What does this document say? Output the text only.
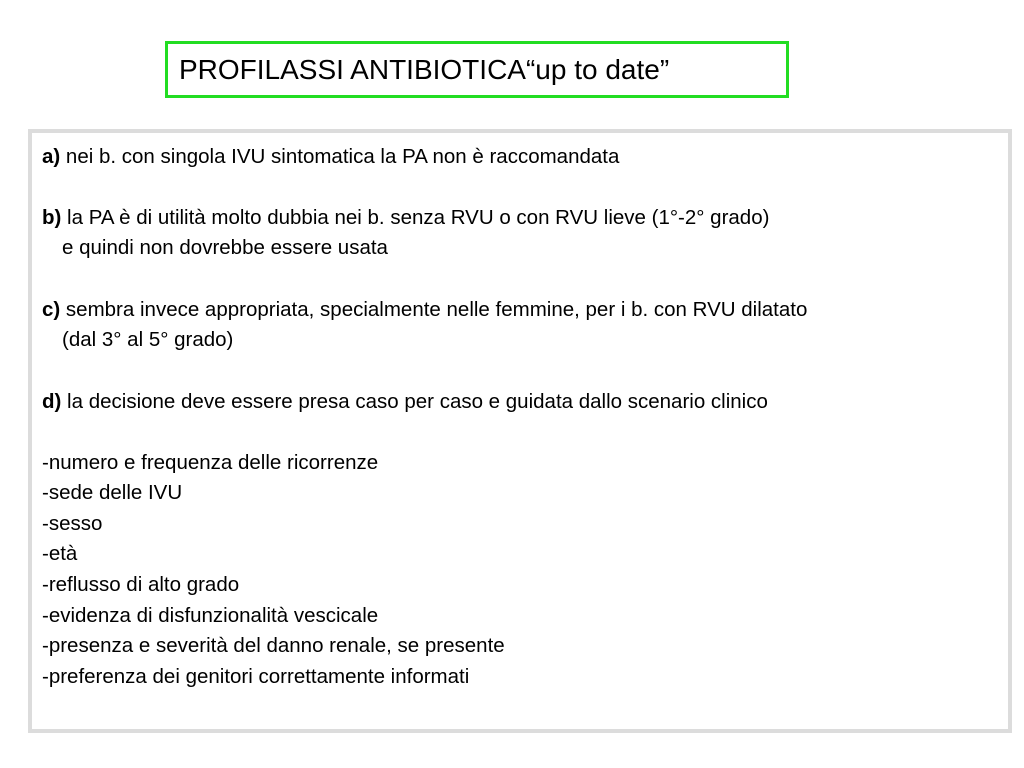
PROFILASSI ANTIBIOTICA“up to date”
a) nei b. con singola IVU sintomatica la PA non è raccomandata
b) la PA è di utilità molto dubbia nei b. senza RVU o con RVU lieve (1°-2° grado)
e quindi non dovrebbe essere usata
c) sembra invece appropriata, specialmente nelle femmine, per i b. con RVU dilatato
(dal 3° al 5° grado)
d) la decisione deve essere presa caso per caso e guidata dallo scenario clinico
-numero e frequenza delle ricorrenze
-sede delle IVU
-sesso
-età
-reflusso di alto grado
-evidenza di disfunzionalità vescicale
-presenza e severità del danno renale, se presente
-preferenza dei genitori correttamente informati
